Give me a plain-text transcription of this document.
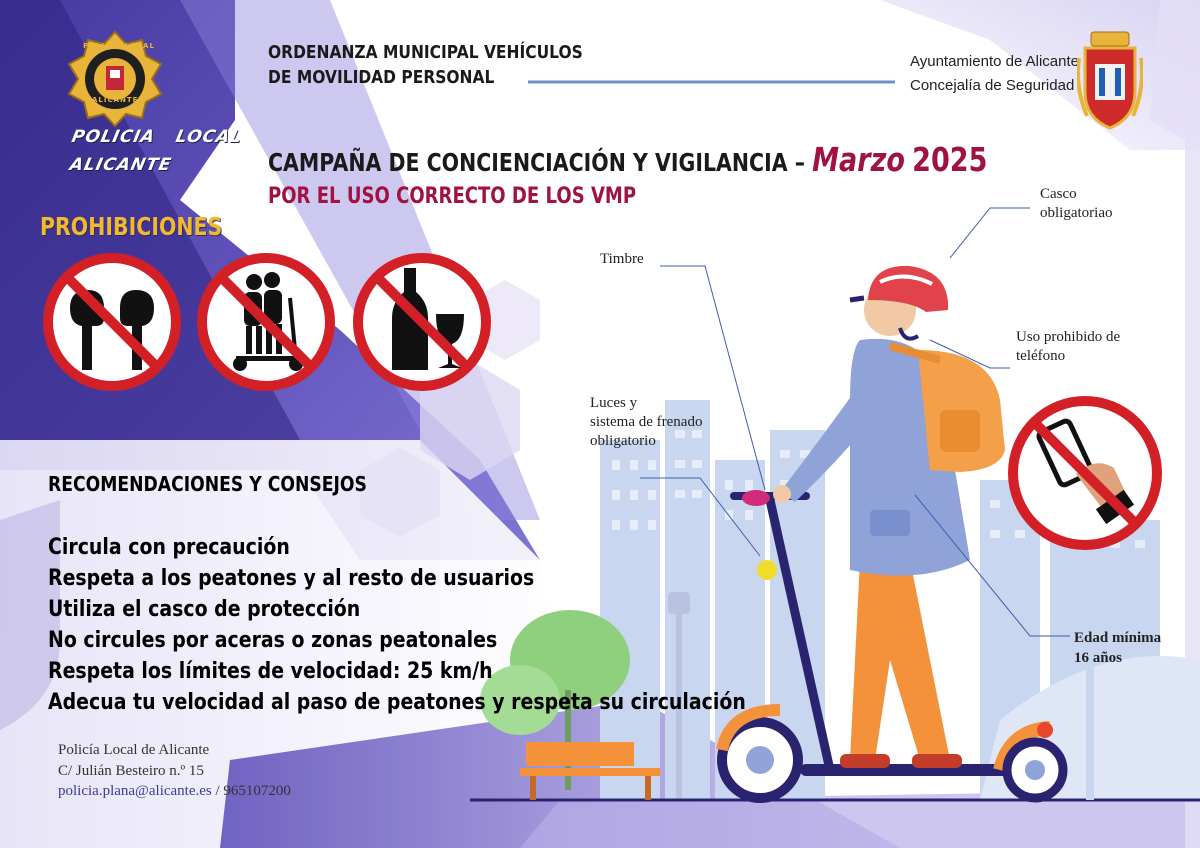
POLICIA LOCAL
ALICANTE
POLICIA LOCAL
ALICANTE
ORDENANZA MUNICIPAL VEHÍCULOS
DE MOVILIDAD PERSONAL
Ayuntamiento de Alicante
Concejalía de Seguridad
CAMPAÑA DE CONCIENCIACIÓN Y VIGILANCIA – Marzo 2025
POR EL USO CORRECTO DE LOS VMP
PROHIBICIONES
RECOMENDACIONES Y CONSEJOS
Circula con precaución
Respeta a los peatones y al resto de usuarios
Utiliza el casco de protección
No circules por aceras o zonas peatonales
Respeta los límites de velocidad: 25 km/h
Adecua tu velocidad al paso de peatones y respeta su circulación
Policía Local de Alicante
C/ Julián Besteiro n.º 15
policia.plana@alicante.es / 965107200
Casco
obligatoriao
Timbre
Uso prohibido de
teléfono
Luces y
sistema de frenado
obligatorio
Edad mínima
16 años
